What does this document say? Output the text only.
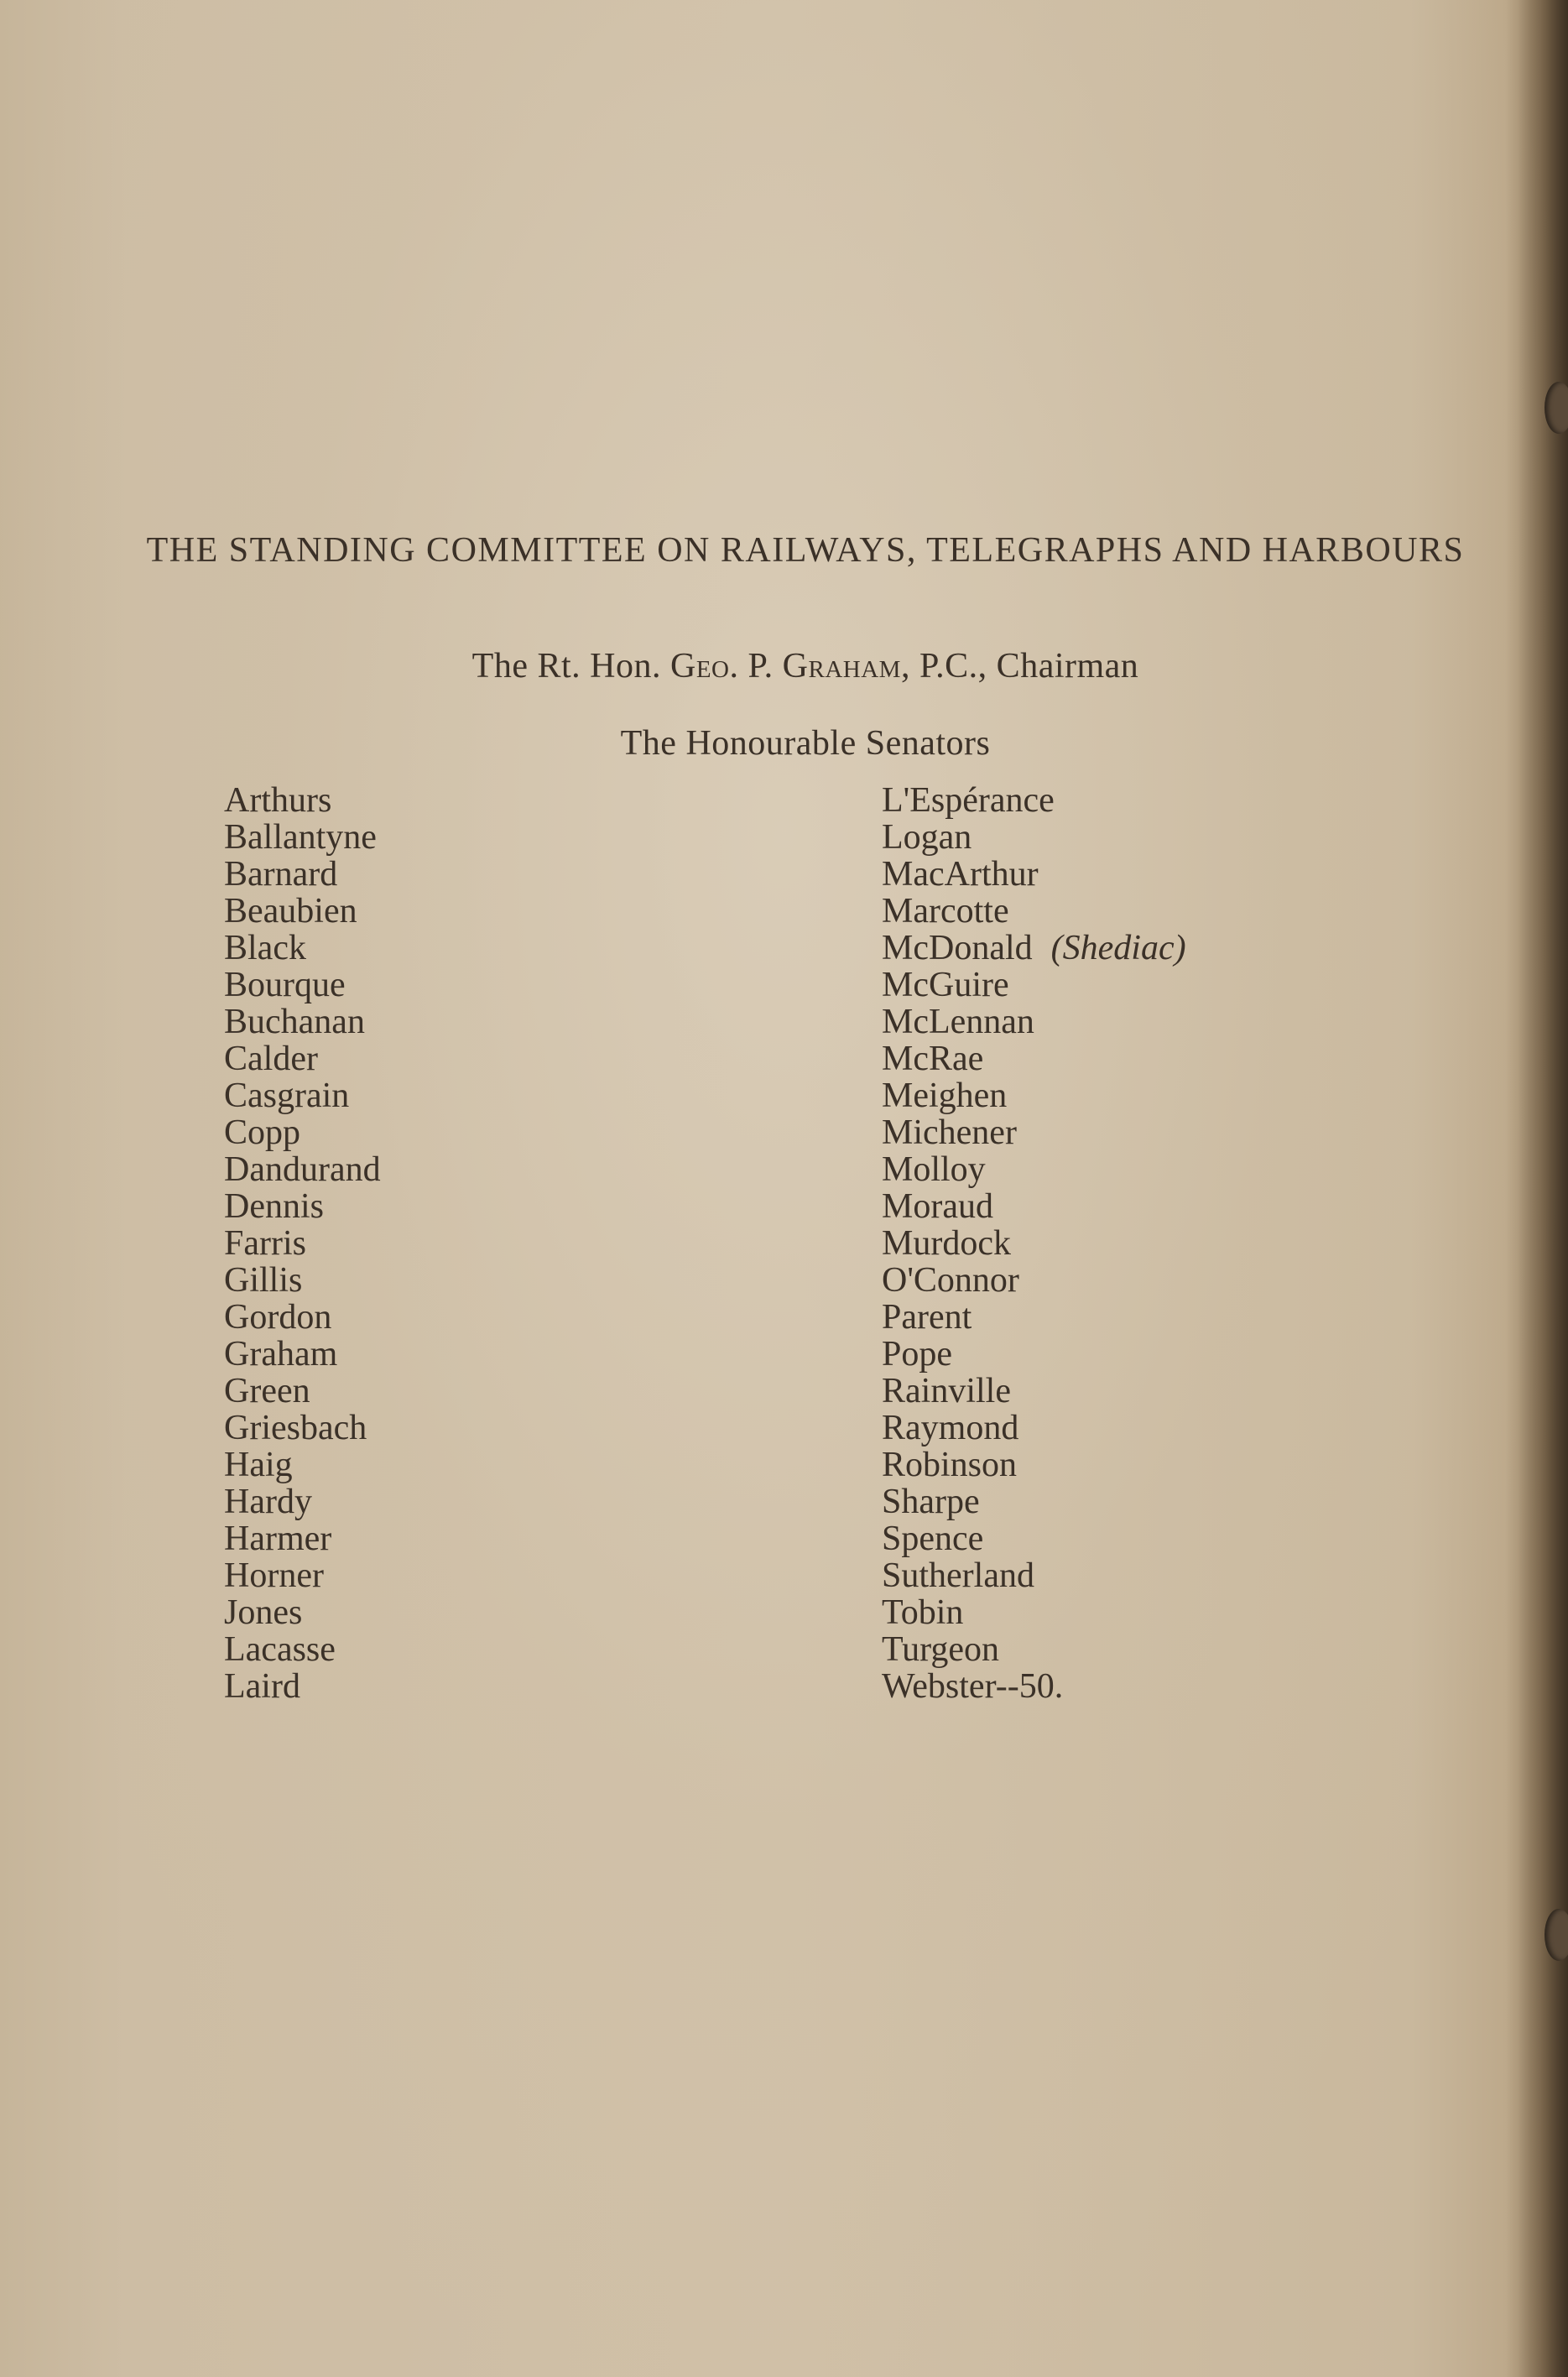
THE STANDING COMMITTEE ON RAILWAYS, TELEGRAPHS AND HARBOURS
The Rt. Hon. Geo. P. Graham, P.C., Chairman
The Honourable Senators
Arthurs
Ballantyne
Barnard
Beaubien
Black
Bourque
Buchanan
Calder
Casgrain
Copp
Dandurand
Dennis
Farris
Gillis
Gordon
Graham
Green
Griesbach
Haig
Hardy
Harmer
Horner
Jones
Lacasse
Laird
L'Espérance
Logan
MacArthur
Marcotte
McDonald (Shediac)
McGuire
McLennan
McRae
Meighen
Michener
Molloy
Moraud
Murdock
O'Connor
Parent
Pope
Rainville
Raymond
Robinson
Sharpe
Spence
Sutherland
Tobin
Turgeon
Webster--50.
